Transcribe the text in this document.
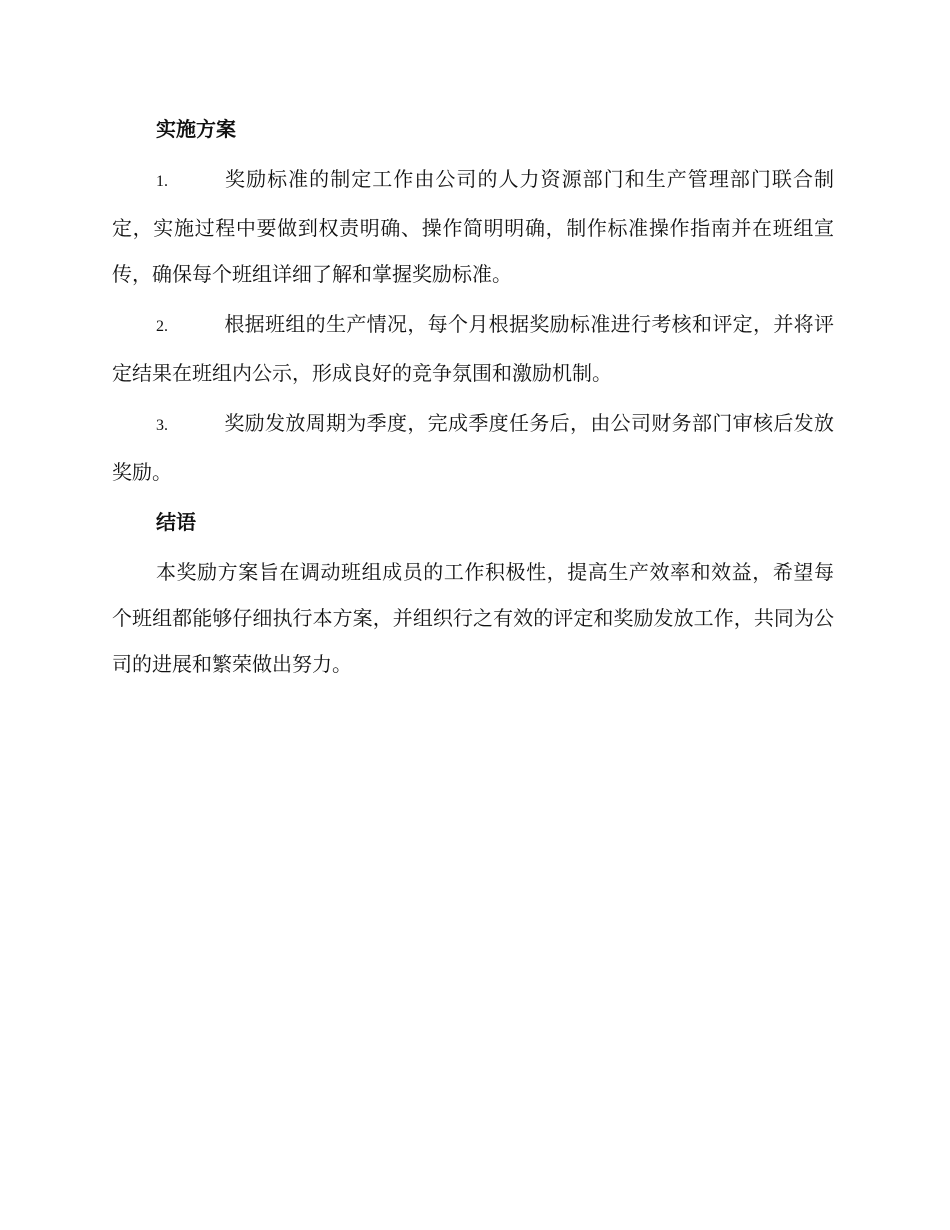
实施方案
1.	奖励标准的制定工作由公司的人力资源部门和生产管理部门联合制定，实施过程中要做到权责明确、操作简明明确，制作标准操作指南并在班组宣传，确保每个班组详细了解和掌握奖励标准。
2.	根据班组的生产情况，每个月根据奖励标准进行考核和评定，并将评定结果在班组内公示，形成良好的竞争氛围和激励机制。
3.	奖励发放周期为季度，完成季度任务后，由公司财务部门审核后发放奖励。
结语

本奖励方案旨在调动班组成员的工作积极性，提高生产效率和效益，希望每个班组都能够仔细执行本方案，并组织行之有效的评定和奖励发放工作，共同为公司的进展和繁荣做出努力。
